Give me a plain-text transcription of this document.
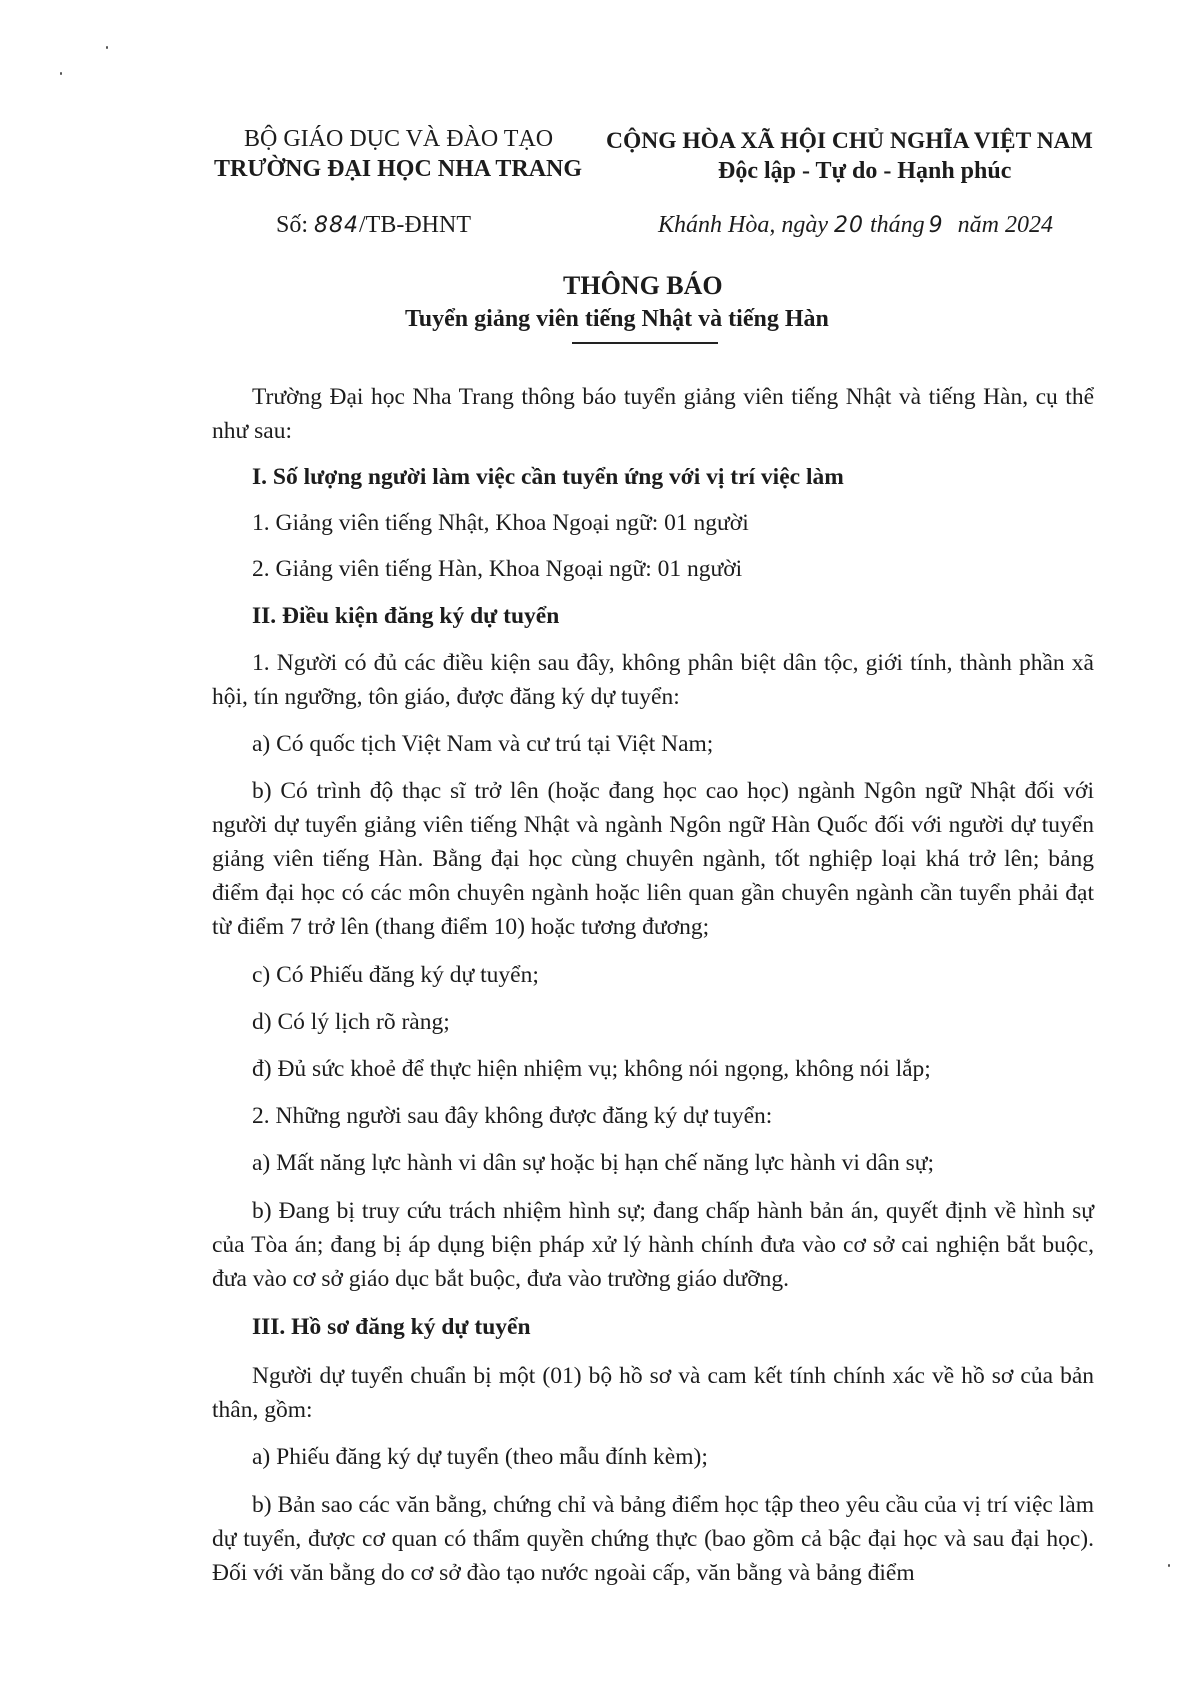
BỘ GIÁO DỤC VÀ ĐÀO TẠO
TRƯỜNG ĐẠI HỌC NHA TRANG
CỘNG HÒA XÃ HỘI CHỦ NGHĨA VIỆT NAM
Độc lập - Tự do - Hạnh phúc
Số: 884/TB-ĐHNT	Khánh Hòa, ngày 20 tháng 9 năm 2024
THÔNG BÁO
Tuyển giảng viên tiếng Nhật và tiếng Hàn

Trường Đại học Nha Trang thông báo tuyển giảng viên tiếng Nhật và tiếng Hàn, cụ thể như sau:

I. Số lượng người làm việc cần tuyển ứng với vị trí việc làm

1. Giảng viên tiếng Nhật, Khoa Ngoại ngữ: 01 người

2. Giảng viên tiếng Hàn, Khoa Ngoại ngữ: 01 người

II. Điều kiện đăng ký dự tuyển

1. Người có đủ các điều kiện sau đây, không phân biệt dân tộc, giới tính, thành phần xã hội, tín ngưỡng, tôn giáo, được đăng ký dự tuyển:

a) Có quốc tịch Việt Nam và cư trú tại Việt Nam;

b) Có trình độ thạc sĩ trở lên (hoặc đang học cao học) ngành Ngôn ngữ Nhật đối với người dự tuyển giảng viên tiếng Nhật và ngành Ngôn ngữ Hàn Quốc đối với người dự tuyển giảng viên tiếng Hàn. Bằng đại học cùng chuyên ngành, tốt nghiệp loại khá trở lên; bảng điểm đại học có các môn chuyên ngành hoặc liên quan gần chuyên ngành cần tuyển phải đạt từ điểm 7 trở lên (thang điểm 10) hoặc tương đương;

c) Có Phiếu đăng ký dự tuyển;

d) Có lý lịch rõ ràng;

đ) Đủ sức khoẻ để thực hiện nhiệm vụ; không nói ngọng, không nói lắp;

2. Những người sau đây không được đăng ký dự tuyển:

a) Mất năng lực hành vi dân sự hoặc bị hạn chế năng lực hành vi dân sự;

b) Đang bị truy cứu trách nhiệm hình sự; đang chấp hành bản án, quyết định về hình sự của Tòa án; đang bị áp dụng biện pháp xử lý hành chính đưa vào cơ sở cai nghiện bắt buộc, đưa vào cơ sở giáo dục bắt buộc, đưa vào trường giáo dưỡng.

III. Hồ sơ đăng ký dự tuyển

Người dự tuyển chuẩn bị một (01) bộ hồ sơ và cam kết tính chính xác về hồ sơ của bản thân, gồm:

a) Phiếu đăng ký dự tuyển (theo mẫu đính kèm);

b) Bản sao các văn bằng, chứng chỉ và bảng điểm học tập theo yêu cầu của vị trí việc làm dự tuyển, được cơ quan có thẩm quyền chứng thực (bao gồm cả bậc đại học và sau đại học). Đối với văn bằng do cơ sở đào tạo nước ngoài cấp, văn bằng và bảng điểm
